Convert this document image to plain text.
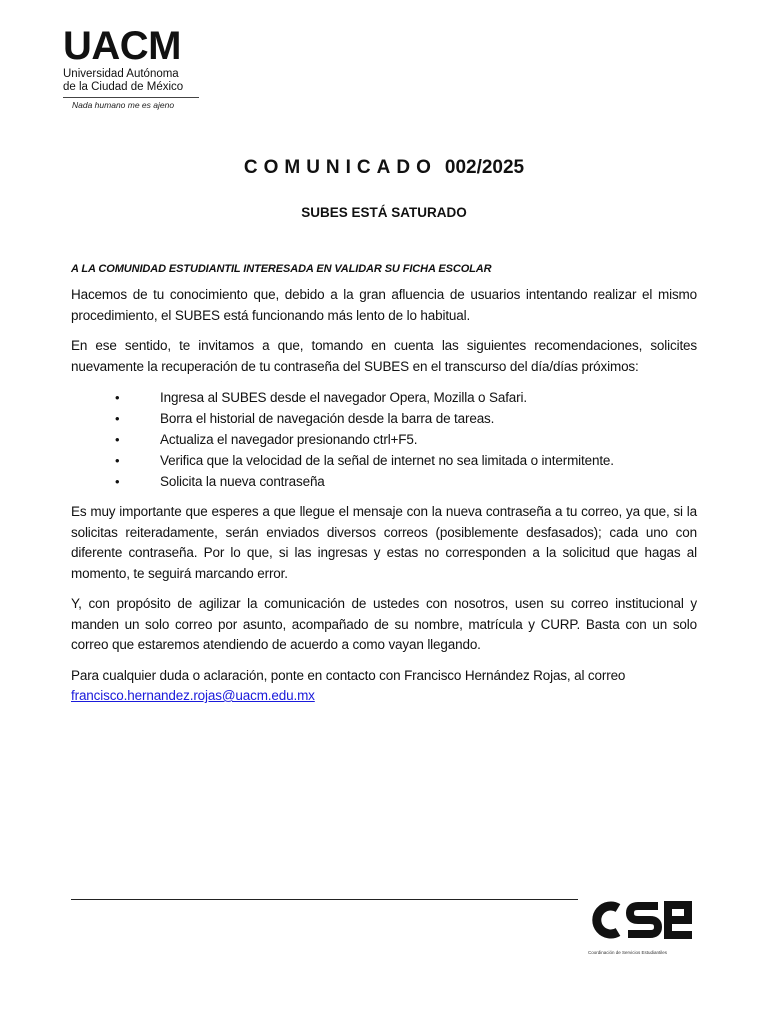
UACM
Universidad Autónoma
de la Ciudad de México
Nada humano me es ajeno
COMUNICADO 002/2025
SUBES ESTÁ SATURADO
A LA COMUNIDAD ESTUDIANTIL INTERESADA EN VALIDAR SU FICHA ESCOLAR

Hacemos de tu conocimiento que, debido a la gran afluencia de usuarios intentando realizar el mismo procedimiento, el SUBES está funcionando más lento de lo habitual.

En ese sentido, te invitamos a que, tomando en cuenta las siguientes recomendaciones, solicites nuevamente la recuperación de tu contraseña del SUBES en el transcurso del día/días próximos:

•	Ingresa al SUBES desde el navegador Opera, Mozilla o Safari.
•	Borra el historial de navegación desde la barra de tareas.
•	Actualiza el navegador presionando ctrl+F5.
•	Verifica que la velocidad de la señal de internet no sea limitada o intermitente.
•	Solicita la nueva contraseña

Es muy importante que esperes a que llegue el mensaje con la nueva contraseña a tu correo, ya que, si la solicitas reiteradamente, serán enviados diversos correos (posiblemente desfasados); cada uno con diferente contraseña. Por lo que, si las ingresas y estas no corresponden a la solicitud que hagas al momento, te seguirá marcando error.

Y, con propósito de agilizar la comunicación de ustedes con nosotros, usen su correo institucional y manden un solo correo por asunto, acompañado de su nombre, matrícula y CURP. Basta con un solo correo que estaremos atendiendo de acuerdo a como vayan llegando.

Para cualquier duda o aclaración, ponte en contacto con Francisco Hernández Rojas, al correo
francisco.hernandez.rojas@uacm.edu.mx

Coordinación de Servicios Estudiantiles
